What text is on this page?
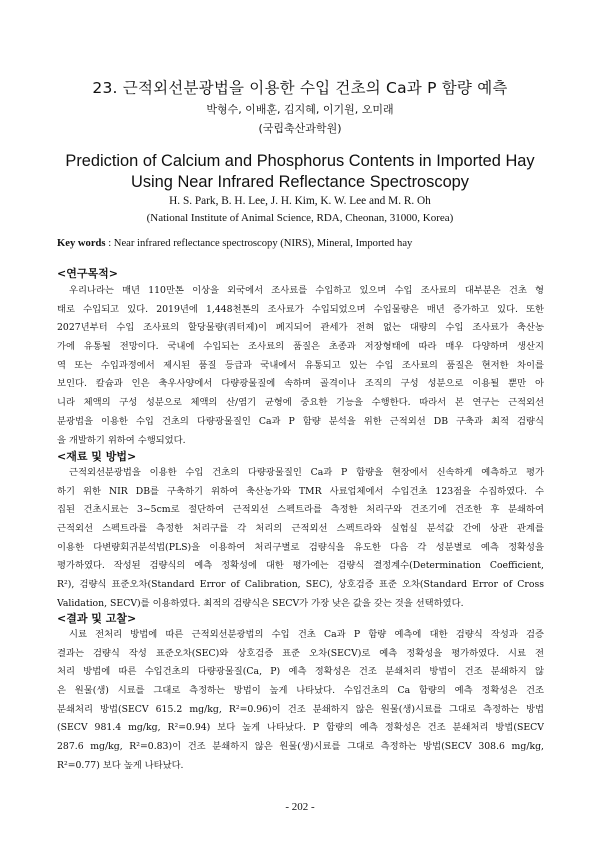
23. 근적외선분광법을 이용한 수입 건초의 Ca과 P 함량 예측
박형수, 이배훈, 김지혜, 이기원, 오미래
(국립축산과학원)
Prediction of Calcium and Phosphorus Contents in Imported Hay
Using Near Infrared Reflectance Spectroscopy
H. S. Park, B. H. Lee, J. H. Kim, K. W. Lee and M. R. Oh
(National Institute of Animal Science, RDA, Cheonan, 31000, Korea)
Key words : Near infrared reflectance spectroscopy (NIRS), Mineral, Imported hay
<연구목적>
우리나라는 매년 110만톤 이상을 외국에서 조사료를 수입하고 있으며 수입 조사료의 대부분은 건초 형
태로 수입되고 있다. 2019년에 1,448천톤의 조사료가 수입되었으며 수입물량은 매년 증가하고 있다. 또한
2027년부터 수입 조사료의 할당물량(쿼터제)이 폐지되어 관세가 전혀 없는 대량의 수입 조사료가 축산농
가에 유통될 전망이다. 국내에 수입되는 조사료의 품질은 초종과 저장형태에 따라 매우 다양하며 생산지
역 또는 수입과정에서 제시된 품질 등급과 국내에서 유통되고 있는 수입 조사료의 품질은 현저한 차이를
보인다. 칼슘과 인은 축우사양에서 다량광물질에 속하며 골격이나 조직의 구성 성분으로 이용될 뿐만 아
니라 체액의 구성 성분으로 체액의 산/염기 균형에 중요한 기능을 수행한다. 따라서 본 연구는 근적외선
분광법을 이용한 수입 건초의 다량광물질인 Ca과 P 함량 분석을 위한 근적외선 DB 구축과 최적 검량식
을 개발하기 위하여 수행되었다.
<재료 및 방법>
근적외선분광법을 이용한 수입 건초의 다량광물질인 Ca과 P 함량을 현장에서 신속하게 예측하고 평가
하기 위한 NIR DB를 구축하기 위하여 축산농가와 TMR 사료업체에서 수입건초 123점을 수집하였다. 수
집된 건초시료는 3~5cm로 절단하여 근적외선 스펙트라를 측정한 처리구와 건조기에 건조한 후 분쇄하여
근적외선 스펙트라를 측정한 처리구를 각 처리의 근적외선 스펙트라와 실험실 분석값 간에 상관 관계를
이용한 다변량회귀분석법(PLS)을 이용하여 처리구별로 검량식을 유도한 다음 각 성분별로 예측 정확성을
평가하였다. 작성된 검량식의 예측 정확성에 대한 평가에는 검량식 결정계수(Determination Coefficient,
R²), 검량식 표준오차(Standard Error of Calibration, SEC), 상호검증 표준 오차(Standard Error of Cross
Validation, SECV)를 이용하였다. 최적의 검량식은 SECV가 가장 낮은 값을 갖는 것을 선택하였다.
<결과 및 고찰>
시료 전처리 방법에 따른 근적외선분광법의 수입 건초 Ca과 P 함량 예측에 대한 검량식 작성과 검증
결과는 검량식 작성 표준오차(SEC)와 상호검증 표준 오차(SECV)로 예측 정확성을 평가하였다. 시료 전
처리 방법에 따른 수입건초의 다량광물질(Ca, P) 예측 정확성은 건조 분쇄처리 방법이 건조 분쇄하지 않
은 원물(생) 시료를 그대로 측정하는 방법이 높게 나타났다. 수입건초의 Ca 함량의 예측 정확성은 건조
분쇄처리 방법(SECV 615.2 mg/kg, R²=0.96)이 건조 분쇄하지 않은 원물(생)시료를 그대로 측정하는 방법
(SECV 981.4 mg/kg, R²=0.94) 보다 높게 나타났다. P 함량의 예측 정확성은 건조 분쇄처리 방법(SECV
287.6 mg/kg, R²=0.83)이 건조 분쇄하지 않은 원물(생)시료를 그대로 측정하는 방법(SECV 308.6 mg/kg,
R²=0.77) 보다 높게 나타났다.
- 202 -
